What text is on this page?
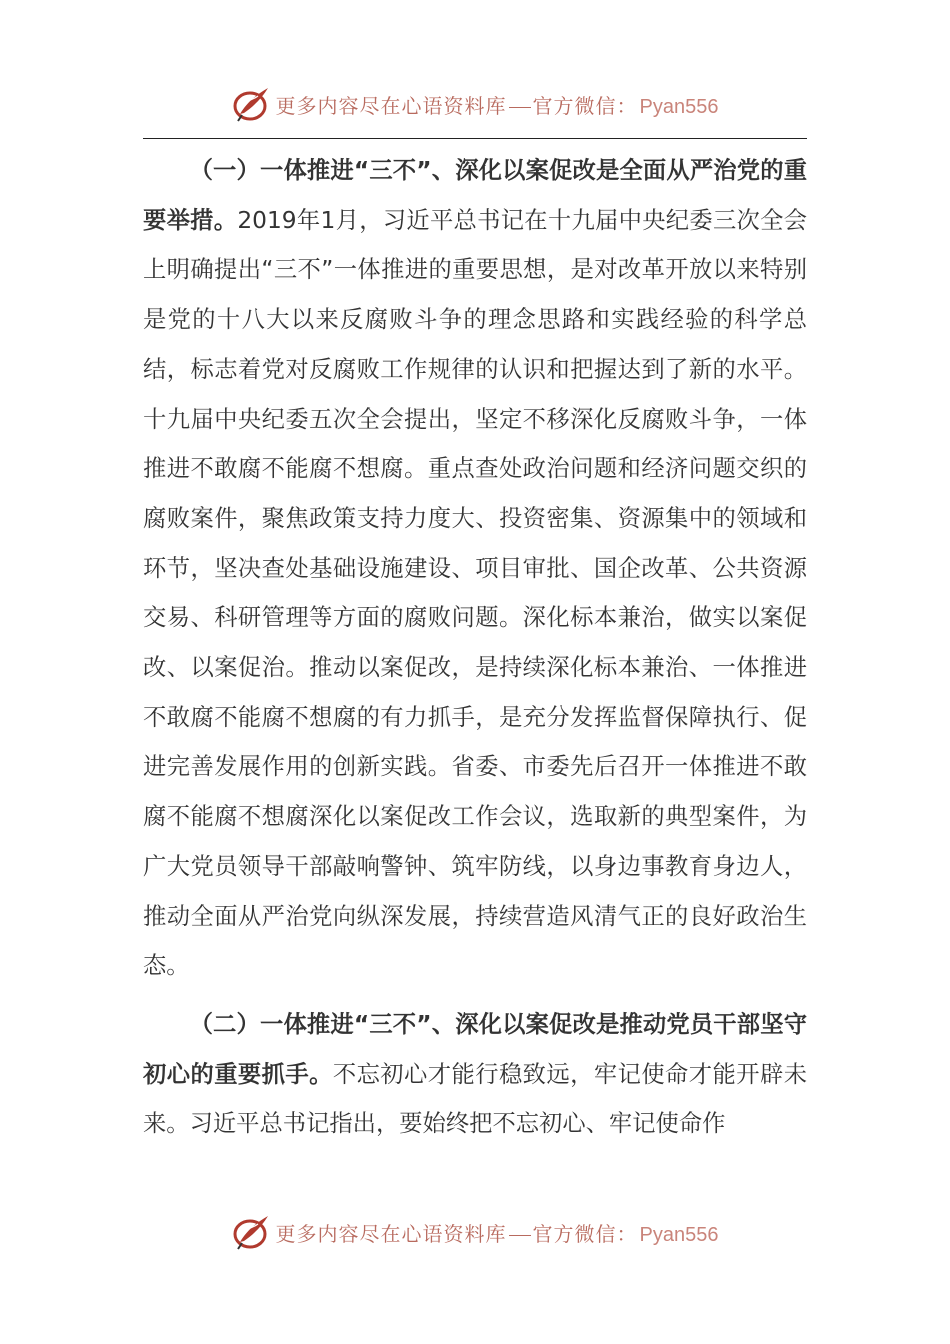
更多内容尽在心语资料库 官方微信： Pyan556

（一）一体推进“三不”、深化以案促改是全面从严治党的重要举措。2019年1月，习近平总书记在十九届中央纪委三次全会上明确提出“三不”一体推进的重要思想，是对改革开放以来特别是党的十八大以来反腐败斗争的理念思路和实践经验的科学总结，标志着党对反腐败工作规律的认识和把握达到了新的水平。十九届中央纪委五次全会提出，坚定不移深化反腐败斗争，一体推进不敢腐不能腐不想腐。重点查处政治问题和经济问题交织的腐败案件，聚焦政策支持力度大、投资密集、资源集中的领域和环节，坚决查处基础设施建设、项目审批、国企改革、公共资源交易、科研管理等方面的腐败问题。深化标本兼治，做实以案促改、以案促治。推动以案促改，是持续深化标本兼治、一体推进不敢腐不能腐不想腐的有力抓手，是充分发挥监督保障执行、促进完善发展作用的创新实践。省委、市委先后召开一体推进不敢腐不能腐不想腐深化以案促改工作会议，选取新的典型案件，为广大党员领导干部敲响警钟、筑牢防线，以身边事教育身边人，推动全面从严治党向纵深发展，持续营造风清气正的良好政治生态。

（二）一体推进“三不”、深化以案促改是推动党员干部坚守初心的重要抓手。不忘初心才能行稳致远，牢记使命才能开辟未来。习近平总书记指出，要始终把不忘初心、牢记使命作

更多内容尽在心语资料库 官方微信： Pyan556
